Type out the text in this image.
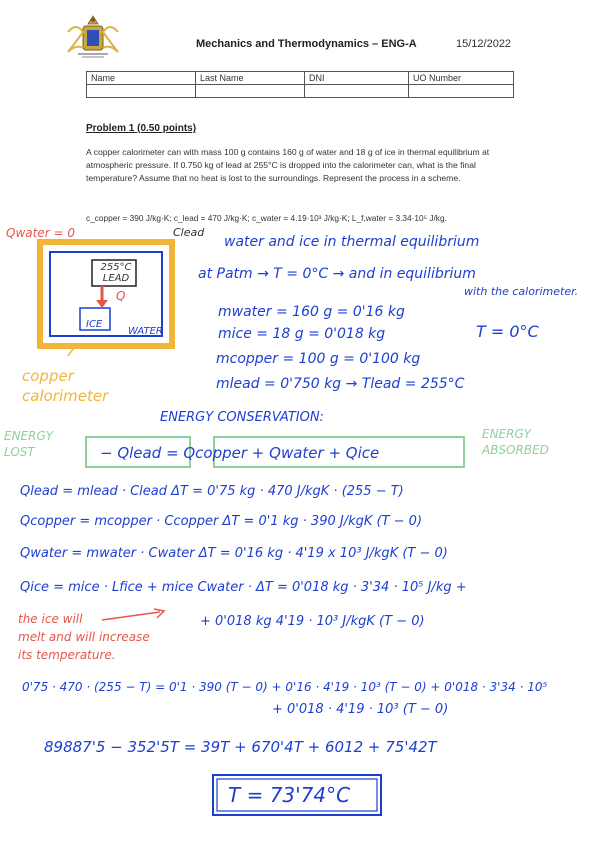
Mechanics and Thermodynamics – ENG-A	15/12/2022
Name	Last Name	DNI	UO Number

Problem 1 (0.50 points)
A copper calorimeter can with mass 100 g contains 160 g of water and 18 g of ice in thermal equilibrium at atmospheric pressure. If 0.750 kg of lead at 255°C is dropped into the calorimeter can, what is the final temperature? Assume that no heat is lost to the surroundings. Represent the process in a scheme.
c_copper = 390 J/kg·K; c_lead = 470 J/kg·K; c_water = 4.19·10³ J/kg·K; L_f,water = 3.34·10⁵ J/kg.
Qwater = 0	Clead
255°C LEAD
Q
ICE
WATER
copper calorimeter
water and ice in thermal equilibrium
at Patm → T = 0°C → and in equilibrium
with the calorimeter.
mwater = 160 g = 0'16 kg
mice = 18 g = 0'018 kg
mcopper = 100 g = 0'100 kg
mlead = 0'750 kg → Tlead = 255°C
T = 0°C
ENERGY CONSERVATION:
ENERGY LOST
ENERGY ABSORBED
− Qlead = Qcopper + Qwater + Qice
Qlead = mlead · Clead ΔT = 0'75 kg · 470 J/kgK · (255 − T)
Qcopper = mcopper · Ccopper ΔT = 0'1 kg · 390 J/kgK (T − 0)
Qwater = mwater · Cwater ΔT = 0'16 kg · 4'19 x 10³ J/kgK (T − 0)
Qice = mice · Lfice + mice Cwater · ΔT = 0'018 kg · 3'34 · 10⁵ J/kg +
+ 0'018 kg 4'19 · 10³ J/kgK (T − 0)
the ice will
melt and will increase
its temperature.
0'75 · 470 · (255 − T) = 0'1 · 390 (T − 0) + 0'16 · 4'19 · 10³ (T − 0) + 0'018 · 3'34 · 10⁵
+ 0'018 · 4'19 · 10³ (T − 0)
89887'5 − 352'5T = 39T + 670'4T + 6012 + 75'42T
T = 73'74°C
